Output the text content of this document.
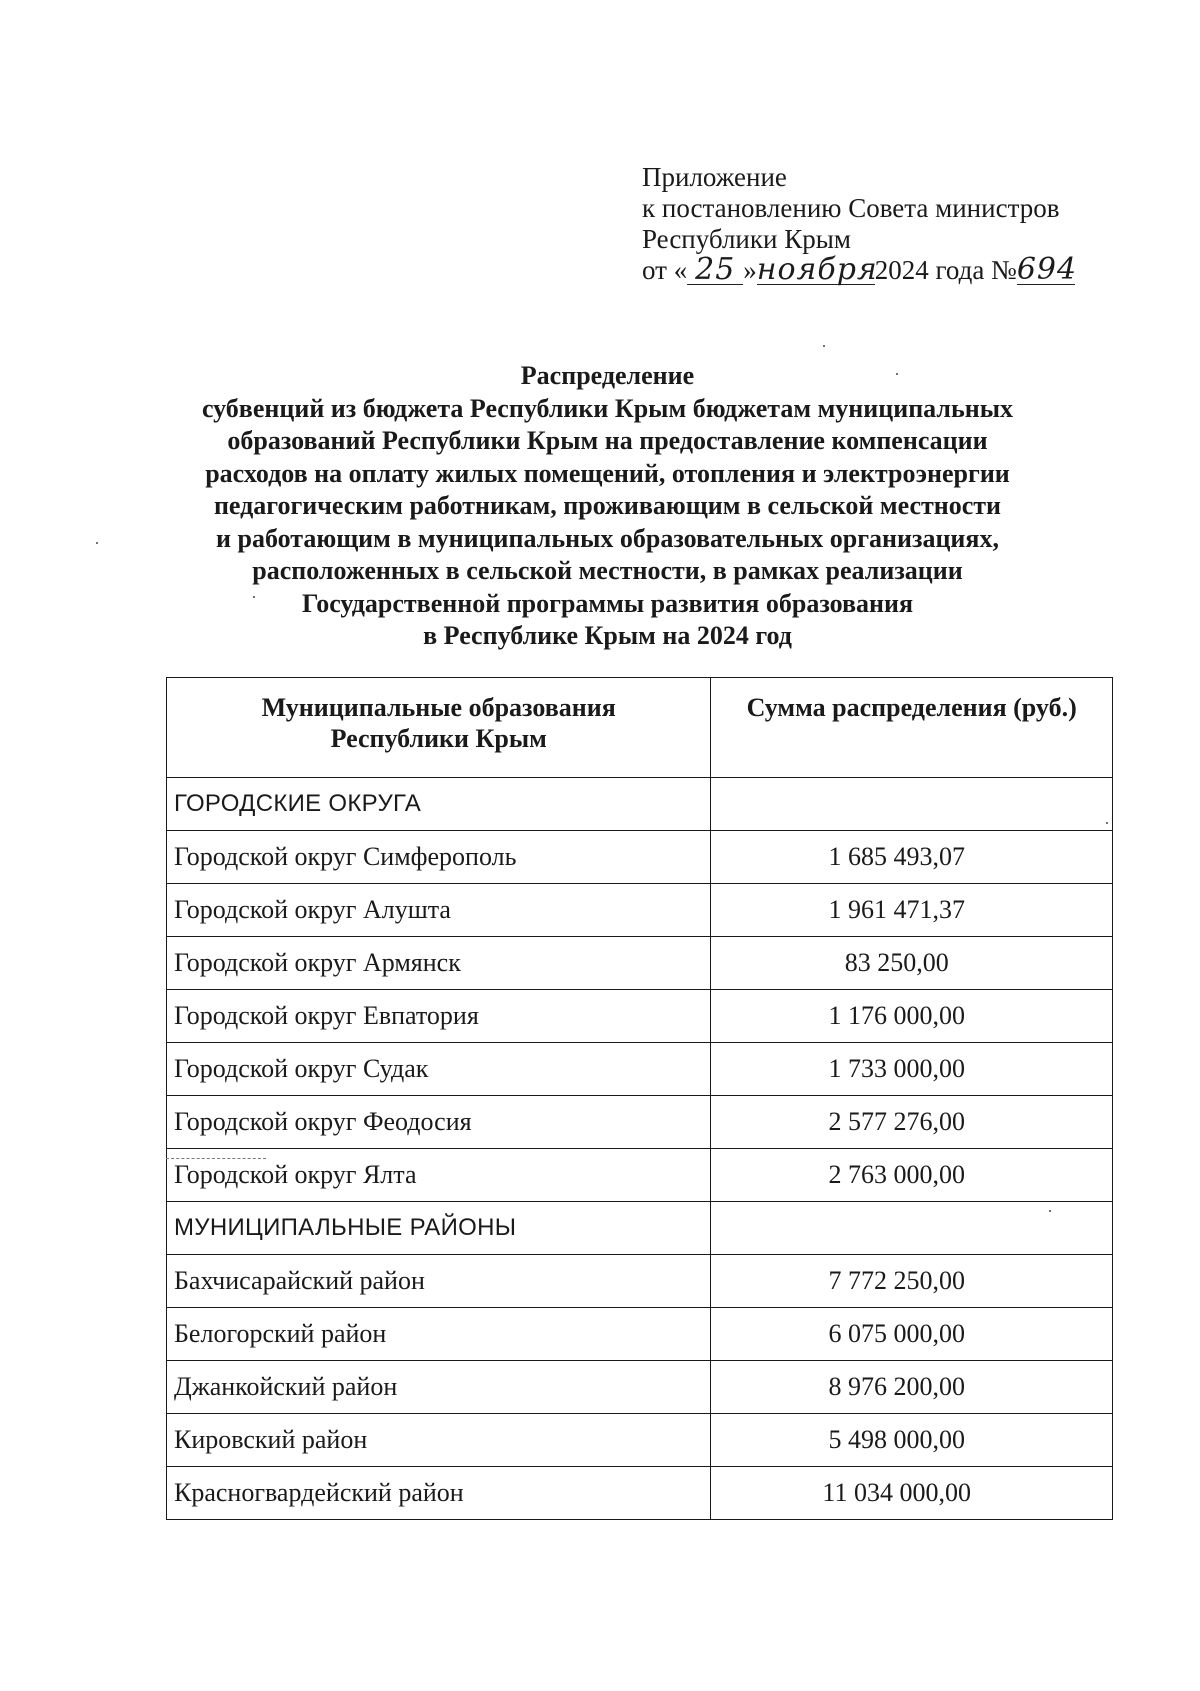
Приложение
к постановлению Совета министров
Республики Крым
от « 25 »ноября2024 года №694
Распределение
субвенций из бюджета Республики Крым бюджетам муниципальных
образований Республики Крым на предоставление компенсации
расходов на оплату жилых помещений, отопления и электроэнергии
педагогическим работникам, проживающим в сельской местности
и работающим в муниципальных образовательных организациях,
расположенных в сельской местности, в рамках реализации
Государственной программы развития образования
в Республике Крым на 2024 год
Муниципальные образования
Республики Крым	Сумма распределения (руб.)
ГОРОДСКИЕ ОКРУГА	
Городской округ Симферополь	1 685 493,07
Городской округ Алушта	1 961 471,37
Городской округ Армянск	83 250,00
Городской округ Евпатория	1 176 000,00
Городской округ Судак	1 733 000,00
Городской округ Феодосия	2 577 276,00
Городской округ Ялта	2 763 000,00
МУНИЦИПАЛЬНЫЕ РАЙОНЫ	
Бахчисарайский район	7 772 250,00
Белогорский район	6 075 000,00
Джанкойский район	8 976 200,00
Кировский район	5 498 000,00
Красногвардейский район	11 034 000,00
